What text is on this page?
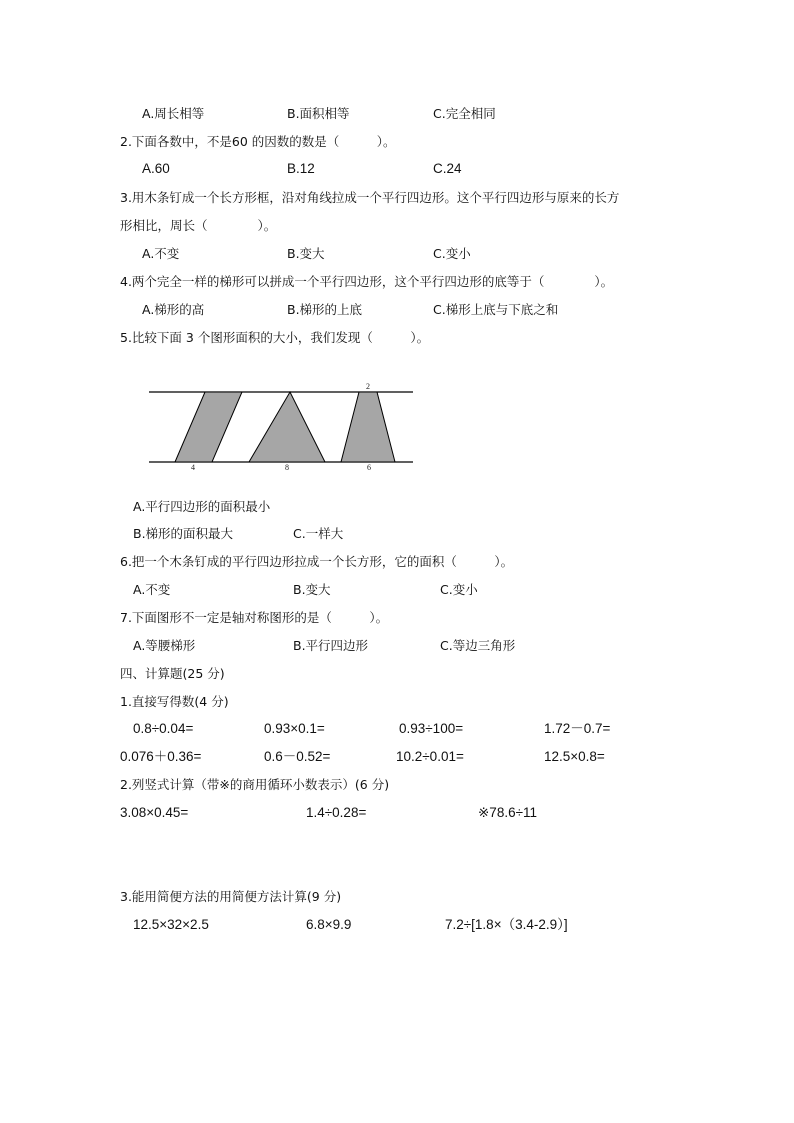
A.周长相等	B.面积相等	C.完全相同
2.下面各数中，不是60 的因数的数是（　　　）。
A.60	B.12	C.24
3.用木条钉成一个长方形框，沿对角线拉成一个平行四边形。这个平行四边形与原来的长方
形相比，周长（　　　　）。
A.不变	B.变大	C.变小
4.两个完全一样的梯形可以拼成一个平行四边形，这个平行四边形的底等于（　　　　）。
A.梯形的高	B.梯形的上底	C.梯形上底与下底之和
5.比较下面 3 个图形面积的大小，我们发现（　　　）。
2
4	8	6
A.平行四边形的面积最小
B.梯形的面积最大	C.一样大
6.把一个木条钉成的平行四边形拉成一个长方形，它的面积（　　　）。
A.不变	B.变大	C.变小
7.下面图形不一定是轴对称图形的是（　　　）。
A.等腰梯形	B.平行四边形	C.等边三角形
四、计算题(25 分)
1.直接写得数(4 分)
0.8÷0.04=	0.93×0.1=	0.93÷100=	1.72－0.7=
0.076＋0.36=	0.6－0.52=	10.2÷0.01=	12.5×0.8=
2.列竖式计算（带※的商用循环小数表示）(6 分)
3.08×0.45=	1.4÷0.28=	※78.6÷11
3.能用简便方法的用简便方法计算(9 分)
12.5×32×2.5	6.8×9.9	7.2÷[1.8×（3.4-2.9）]
